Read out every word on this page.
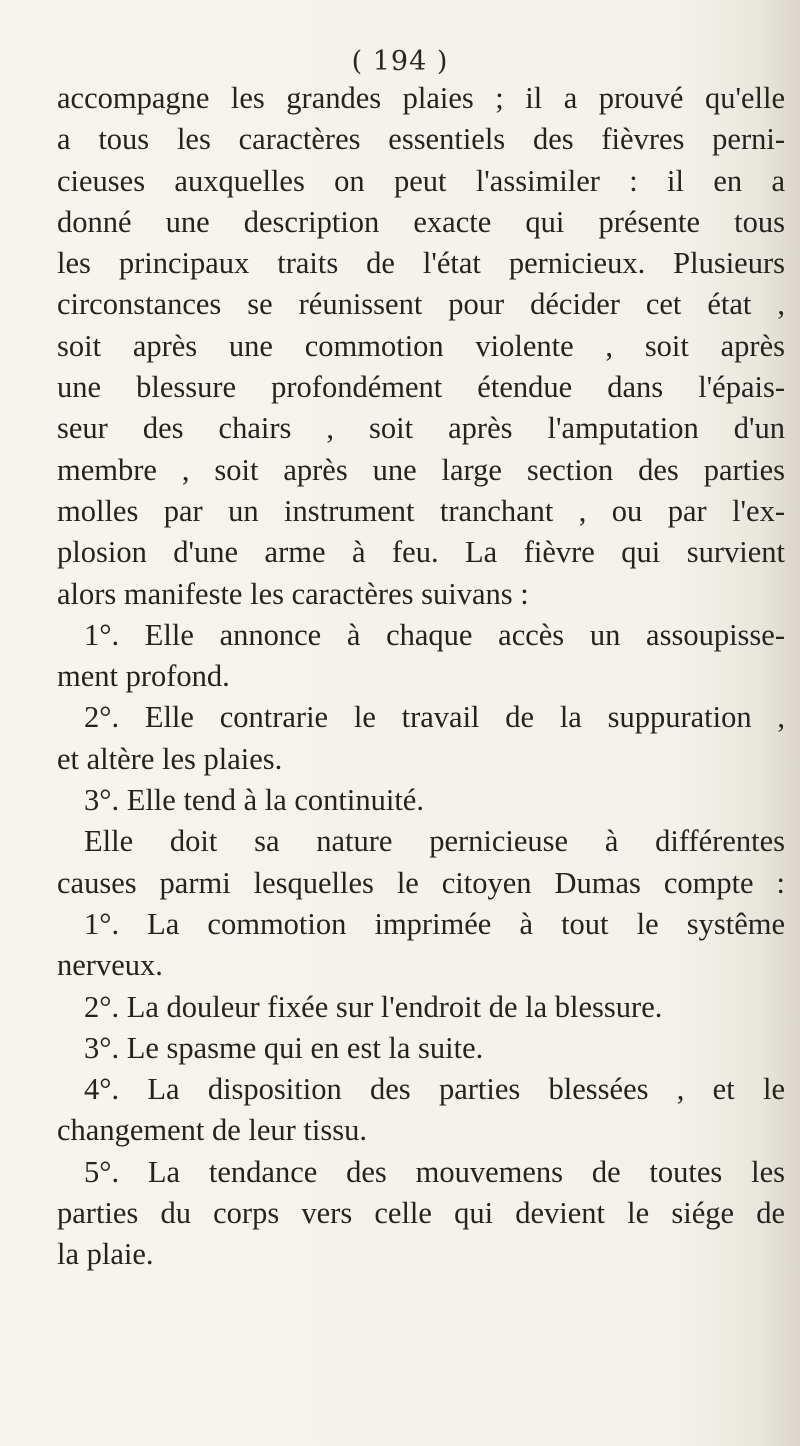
( 194 )
accompagne les grandes plaies ; il a prouvé qu'elle
a tous les caractères essentiels des fièvres perni-
cieuses auxquelles on peut l'assimiler : il en a
donné une description exacte qui présente tous
les principaux traits de l'état pernicieux. Plusieurs
circonstances se réunissent pour décider cet état ,
soit après une commotion violente , soit après
une blessure profondément étendue dans l'épais-
seur des chairs , soit après l'amputation d'un
membre , soit après une large section des parties
molles par un instrument tranchant , ou par l'ex-
plosion d'une arme à feu. La fièvre qui survient
alors manifeste les caractères suivans :
1°. Elle annonce à chaque accès un assoupisse-
ment profond.
2°. Elle contrarie le travail de la suppuration ,
et altère les plaies.
3°. Elle tend à la continuité.
Elle doit sa nature pernicieuse à différentes
causes parmi lesquelles le citoyen Dumas compte :
1°. La commotion imprimée à tout le systême
nerveux.
2°. La douleur fixée sur l'endroit de la blessure.
3°. Le spasme qui en est la suite.
4°. La disposition des parties blessées , et le
changement de leur tissu.
5°. La tendance des mouvemens de toutes les
parties du corps vers celle qui devient le siége de
la plaie.
